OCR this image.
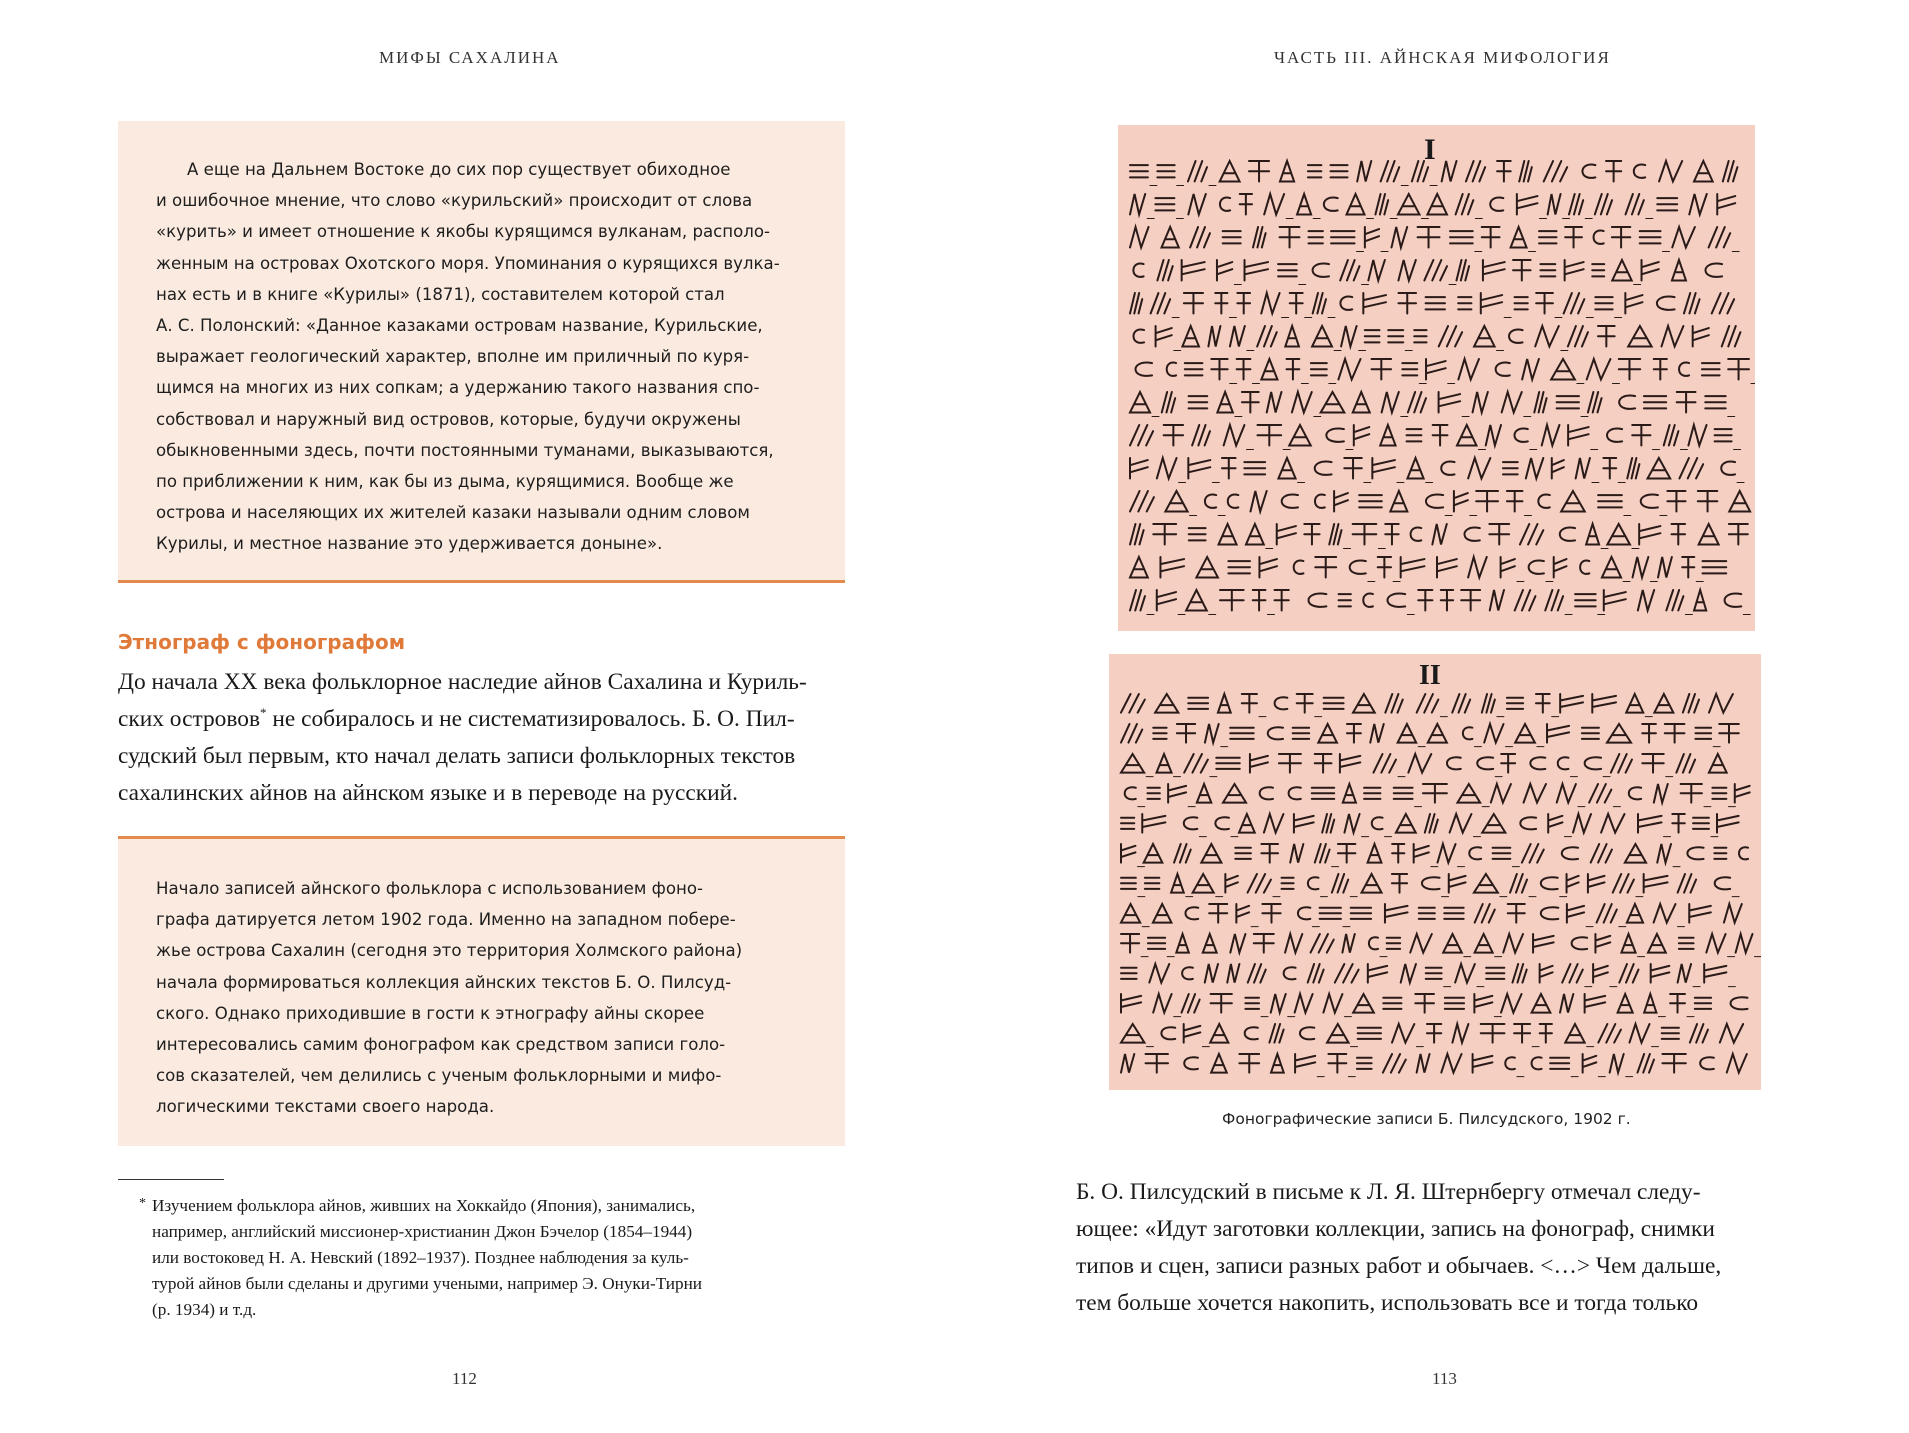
МИФЫ САХАЛИНА
А еще на Дальнем Востоке до сих пор существует обиходное
и ошибочное мнение, что слово «курильский» происходит от слова
«курить» и имеет отношение к якобы курящимся вулканам, располо-
женным на островах Охотского моря. Упоминания о курящихся вулка-
нах есть и в книге «Курилы» (1871), составителем которой стал
А. С. Полонский: «Данное казаками островам название, Курильские,
выражает геологический характер, вполне им приличный по куря-
щимся на многих из них сопкам; а удержанию такого названия спо-
собствовал и наружный вид островов, которые, будучи окружены
обыкновенными здесь, почти постоянными туманами, выказываются,
по приближении к ним, как бы из дыма, курящимися. Вообще же
острова и населяющих их жителей казаки называли одним словом
Курилы, и местное название это удерживается доныне».
Этнограф с фонографом
До начала XX века фольклорное наследие айнов Сахалина и Куриль-
ских островов* не собиралось и не систематизировалось. Б. О. Пил-
судский был первым, кто начал делать записи фольклорных текстов
сахалинских айнов на айнском языке и в переводе на русский.
Начало записей айнского фольклора с использованием фоно-
графа датируется летом 1902 года. Именно на западном побере-
жье острова Сахалин (сегодня это территория Холмского района)
начала формироваться коллекция айнских текстов Б. О. Пилсуд-
ского. Однако приходившие в гости к этнографу айны скорее
интересовались самим фонографом как средством записи голо-
сов сказателей, чем делились с ученым фольклорными и мифо-
логическими текстами своего народа.
* Изучением фольклора айнов, живших на Хоккайдо (Япония), занимались,
например, английский миссионер-христианин Джон Бэчелор (1854–1944)
или востоковед Н. А. Невский (1892–1937). Позднее наблюдения за куль-
турой айнов были сделаны и другими учеными, например Э. Онуки-Тирни
(р. 1934) и т.д.
112
ЧАСТЬ III. АЙНСКАЯ МИФОЛОГИЯ
I
II
Фонографические записи Б. Пилсудского, 1902 г.
Б. О. Пилсудский в письме к Л. Я. Штернбергу отмечал следу-
ющее: «Идут заготовки коллекции, запись на фонограф, снимки
типов и сцен, записи разных работ и обычаев. <…> Чем дальше,
тем больше хочется накопить, использовать все и тогда только
113
